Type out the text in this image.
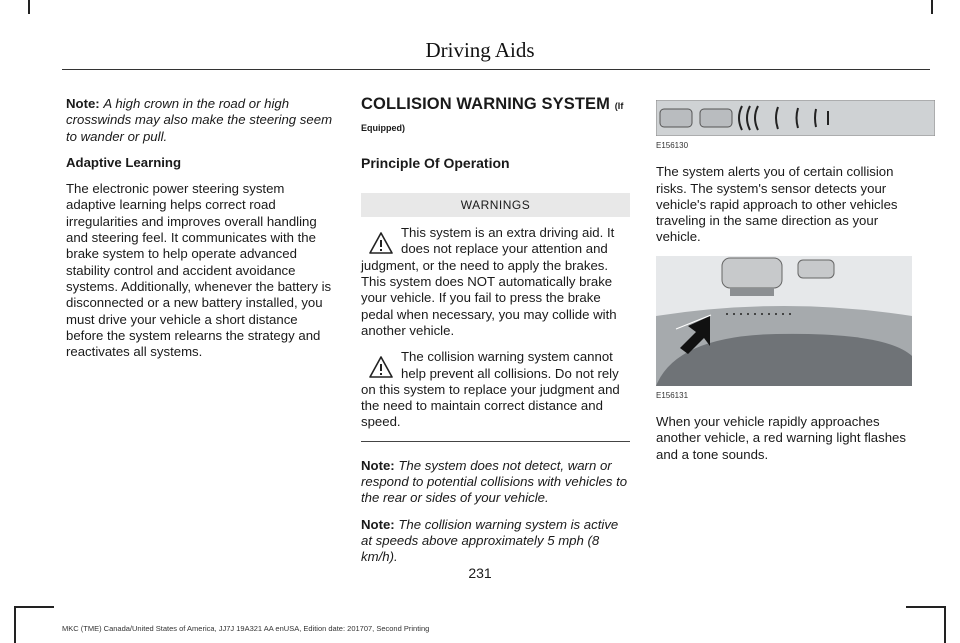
Driving Aids

Note: A high crown in the road or high crosswinds may also make the steering seem to wander or pull.

Adaptive Learning

The electronic power steering system adaptive learning helps correct road irregularities and improves overall handling and steering feel. It communicates with the brake system to help operate advanced stability control and accident avoidance systems. Additionally, whenever the battery is disconnected or a new battery installed, you must drive your vehicle a short distance before the system relearns the strategy and reactivates all systems.

COLLISION WARNING SYSTEM (If
Equipped)
Principle Of Operation
WARNINGS
This system is an extra driving aid. It does not replace your attention and judgment, or the need to apply the brakes. This system does NOT automatically brake your vehicle. If you fail to press the brake pedal when necessary, you may collide with another vehicle.
The collision warning system cannot help prevent all collisions. Do not rely on this system to replace your judgment and the need to maintain correct distance and speed.

Note: The system does not detect, warn or respond to potential collisions with vehicles to the rear or sides of your vehicle.

Note: The collision warning system is active at speeds above approximately 5 mph (8 km/h).

E156130

The system alerts you of certain collision risks. The system's sensor detects your vehicle's rapid approach to other vehicles traveling in the same direction as your vehicle.

E156131

When your vehicle rapidly approaches another vehicle, a red warning light flashes and a tone sounds.

231
MKC (TME) Canada/United States of America, JJ7J 19A321 AA enUSA, Edition date: 201707, Second Printing
